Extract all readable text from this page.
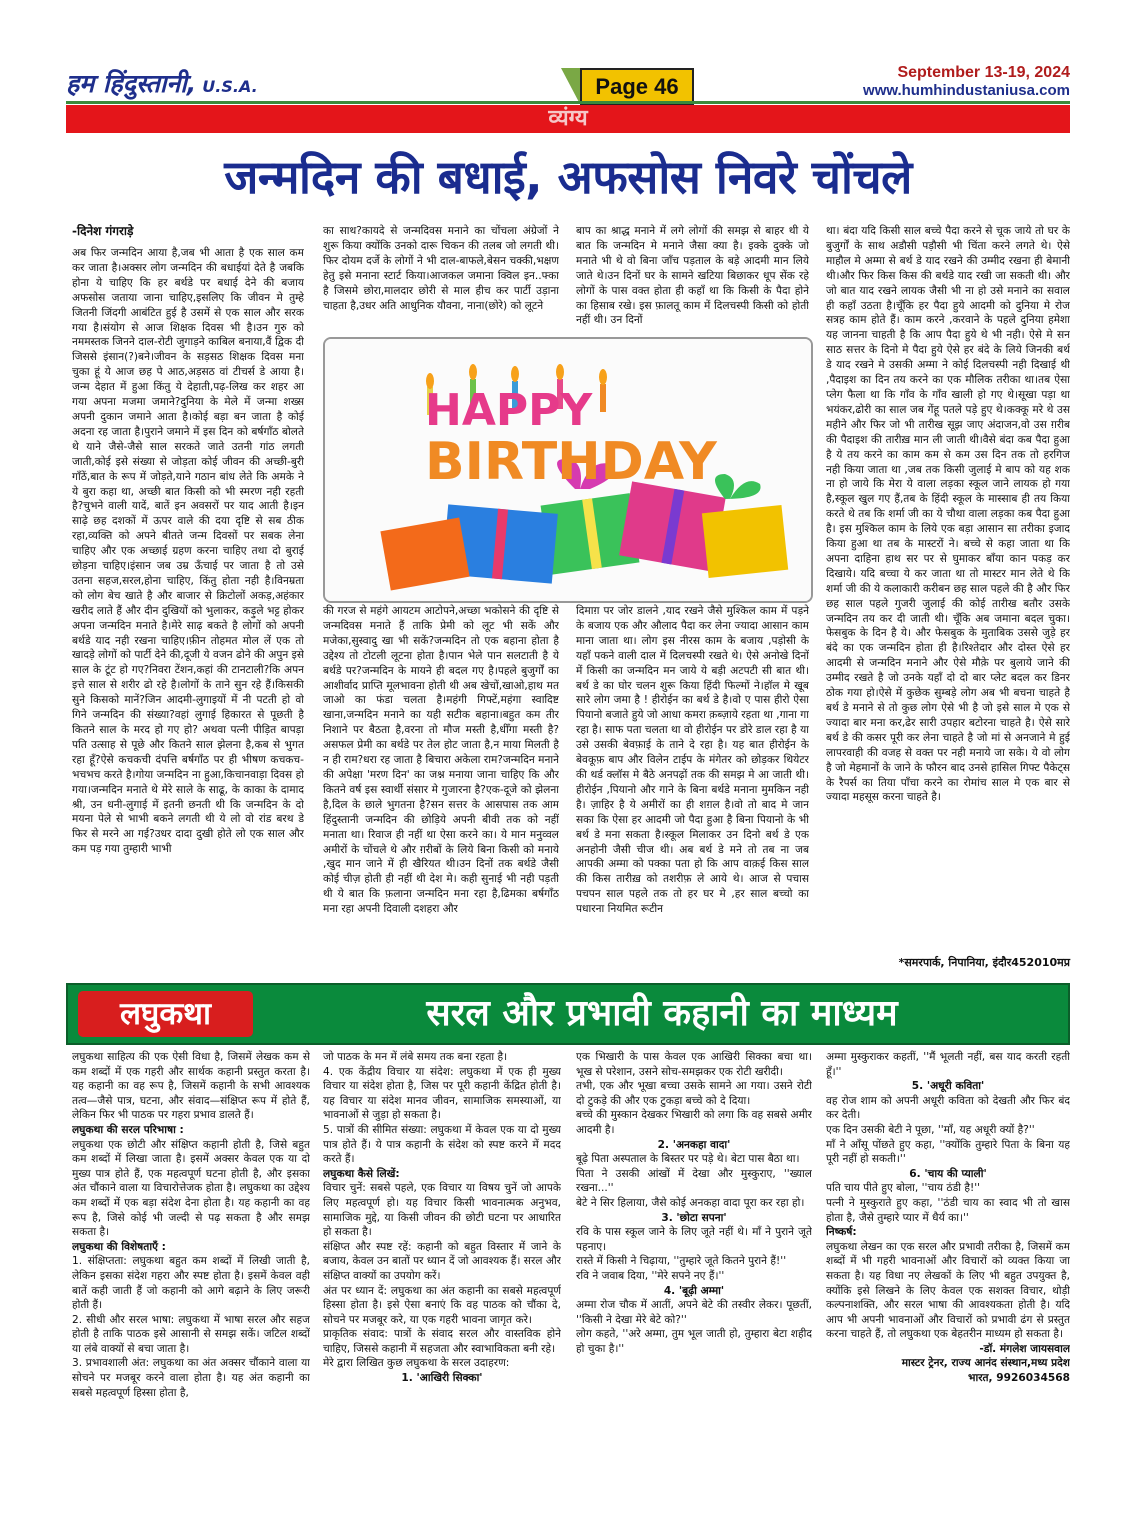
हम हिंदुस्तानी, U.S.A.	Page 46
September 13-19, 2024
www.humhindustaniusa.com
व्यंग्य
जन्मदिन की बधाई, अफसोस निवरे चोंचले
-दिनेश गंगराड़े

अब फिर जन्मदिन आया है,जब भी आता है एक साल कम कर जाता है।अक्सर लोग जन्मदिन की बधाईयां देते है जबकि होना ये चाहिए कि हर बर्थडे पर बधाई देने की बजाय अफसोस जताया जाना चाहिए,इसलिए कि जीवन मे तुम्हे जितनी जिंदगी आबंटित हुई है उसमें से एक साल और सरक गया है।संयोग से आज शिक्षक दिवस भी है।उन गुरु को नममस्तक जिनने दाल-रोटी जुगाड़ने काबिल बनाया,वैं द्विक दी जिससे इंसान(?)बने।जीवन के सड़सठ शिक्षक दिवस मना चुका हूं ये आज छह पे आठ,अड़सठ वां टीचर्स डे आया है।जन्म देहात में हुआ किंतु ये देहाती,पढ़-लिख कर शहर आ गया अपना मजमा जमाने?दुनिया के मेले में जन्मा शख्स अपनी दुकान जमाने आता है।कोई बड़ा बन जाता है कोई अदना रह जाता है।पुराने जमाने में इस दिन को बर्षगाँठ बोलते थे याने जैसे-जैसे साल सरकते जाते उतनी गांठ लगती जाती,कोई इसे संख्या से जोड़ता कोई जीवन की अच्छी-बुरी गाँठें,बात के रूप में जोड़ते,याने गठान बांध लेते कि अमके ने ये बुरा कहा था, अच्छी बात किसी को भी स्मरण नही रहती है?चुभने वाली यादें, बातें इन अवसरों पर याद आती है।इन साढ़े छह दशकों में ऊपर वाले की दया दृष्टि से सब ठीक रहा,व्यक्ति को अपने बीतते जन्म दिवसों पर सबक लेना चाहिए और एक अच्छाई ग्रहण करना चाहिए तथा दो बुराई छोड़ना चाहिए।इंसान जब उम्र ऊँचाई पर जाता है तो उसे उतना सहज,सरल,होना चाहिए, किंतु होता नही है।विनम्रता को लोग बेच खाते है और बाजार से क्रिटोलों अकड़,अहंकार खरीद लाते हैं और दीन दुखियों को भुलाकर, कड़ुले भट्ट होकर अपना जन्मदिन मनाते है।मेरे साढ़ बकते है लोगों को अपनी बर्थडे याद नही रखना चाहिए।फ़ीन तोहमत मोल लें एक तो खादड़े लोगों को पार्टी देने की,दूजी ये वजन ढोने की अपुन इसे साल के टूंट हो गए?निवरा टेंशन,कहां की टानटाली?कि अपन इत्ते साल से शरीर ढो रहे है।लोगों के ताने सुन रहे हैं।किसकी सुने किसको मानें?जिन आदमी-लुगाइयों में नी पटती हो वो गिने जन्मदिन की संख्या?वहां लुगाई हिकारत से पूछती है कितने साल के मरद हो गए हो? अथवा पत्नी पीड़ित बापड़ा पति उत्साह से पूछे और कितने साल झेलना है,कब से भुगत रहा हूँ?ऐसे कचकची दंपत्ति बर्षगाँठ पर ही भीषण कचकच-भचभच करते है।गोया जन्मदिन ना हुआ,किचानवाड़ा दिवस हो गया।जन्मदिन मनाते थे मेरे साले के साढू, के काका के दामाद श्री, उन धनी-लुगाई में इतनी छनती थी कि जन्मदिन के दो मयना पेले से भाभी बकने लगती थी ये लो वो रांड बरथ डे फिर से मरने आ गई?उधर दादा दुखी होते लो एक साल और कम पड़ गया तुम्हारी भाभी

का साथ?कायदे से जन्मदिवस मनाने का चोंचला अंग्रेजों ने शुरू किया क्योंकि उनको दारू चिकन की तलब जो लगती थी।फिर दोयम दर्जे के लोगों ने भी दाल-बाफले,बेसन चक्की,भक्षण हेतु इसे मनाना स्टार्ट किया।आजकल जमाना क्विल इन..फ्का है जिसमे छोरा,मालदार छोरी से माल हीच कर पार्टी उड़ाना चाहता है,उधर अति आधुनिक यौवना, नाना(छोरे) को लूटने

बाप का श्राद्ध मनाने में लगे लोगों की समझ से बाहर थी ये बात कि जन्मदिन मे मनाने जैसा क्या है। इक्के दुक्के जो मनाते भी थे वो बिना जाँच पड़ताल के बड़े आदमी मान लिये जाते थे।उन दिनों घर के सामने खटिया बिछाकर धूप सेंक रहे लोगों के पास वक्त होता ही कहाँ था कि किसी के पैदा होने का हिसाब रखे। इस फ़ालतू काम में दिलचस्पी किसी को होती नहीं थी। उन दिनों

HAPPY
BIRTHDAY

की गरज से महंगे आयटम आटोपने,अच्छा भकोसने की दृष्टि से जन्मदिवस मनाते हैं ताकि प्रेमी को लूट भी सकें और मजेका,सुस्वादु खा भी सकें?जन्मदिन तो एक बहाना होता है उद्देश्य तो टोटली लूटना होता है।पान भेले पान सलटाती है ये बर्थडे पर?जन्मदिन के मायने ही बदल गए है।पहले बुजुर्गों का आशीर्वाद प्राप्ति मूलभावना होती थी अब खेचों,खाओ,हाथ मत जाओ का फंडा चलता है।महंगी गिफ्टें,महंगा स्वादिष्ट खाना,जन्मदिन मनाने का यही सटीक बहाना।बहुत कम तीर निशाने पर बैठता है,वरना तो मौज मस्ती है,धीँगा मस्ती है?असफल प्रेमी का बर्थडे पर तेल होट जाता है,न माया मिलती है न ही राम?धरा रह जाता है बिचारा अकेला राम?जन्मदिन मनाने की अपेक्षा 'मरण दिन' का जश्न मनाया जाना चाहिए कि और कितने वर्ष इस स्वार्थी संसार मे गुजारना है?एक-दूजे को झेलना है,दिल के छाले भुगतना है?सन सत्तर के आसपास तक आम हिंदुस्तानी जन्मदिन की छोड़िये अपनी बीवी तक को नहीं मनाता था। रिवाज ही नहीं था ऐसा करने का। ये मान मनुव्वल अमीरों के चोंचले थे और ग़रीबों के लिये बिना किसी को मनाये ,खुद मान जाने में ही खैरियत थी।उन दिनों तक बर्थडे जैसी कोई चीज़ होती ही नहीं थी देश मे। कही सुनाई भी नही पड़ती थी ये बात कि फ़लाना जन्मदिन मना रहा है,ढिमका बर्षगाँठ मना रहा अपनी दिवाली दशहरा और

दिमाग़ पर जोर डालने ,याद रखने जैसे मुश्किल काम में पड़ने के बजाय एक और औलाद पैदा कर लेना ज्यादा आसान काम माना जाता था। लोग इस नीरस काम के बजाय ,पड़ोसी के यहाँ पकने वाली दाल में दिलचस्पी रखते थे। ऐसे अनोखे दिनों में किसी का जन्मदिन मन जाये ये बड़ी अटपटी सी बात थी।बर्थ डे का घोर चलन शुरू किया हिंदी फिल्मों ने।हॉल मे खूब सारे लोग जमा है ! हीरोईन का बर्थ डे है।वो ए पास हीरो ऐसा पियानो बजाते हुये जो आधा कमरा क़ब्ज़ाये रहता था ,गाना गा रहा है। साफ पता चलता था वो हीरोईन पर डोरे डाल रहा है या उसे उसकी बेवफ़ाई के ताने दे रहा है। यह बात हीरोईन के बेवकूफ़ बाप और विलेन टाईप के मंगेतर को छोड़कर थियेटर की थर्ड क्लॉस मे बैठे अनपढ़ों तक की समझ मे आ जाती थी। हीरोईन ,पियानो और गाने के बिना बर्थडे मनाना मुमकिन नही है। ज़ाहिर है ये अमीरों का ही शग़ल है।वो तो बाद मे जान सका कि ऐसा हर आदमी जो पैदा हुआ है बिना पियानो के भी बर्थ डे मना सकता है।स्कूल मिलाकर उन दिनो बर्थ डे एक अनहोनी जैसी चीज थी। अब बर्थ डे मने तो तब ना जब आपकी अम्मा को पक्का पता हो कि आप वाक़ई किस साल की किस तारीख़ को तशरीफ़ ले आये थे। आज से पचास पचपन साल पहले तक तो हर घर मे ,हर साल बच्चो का पधारना नियमित रूटीन

था। बंदा यदि किसी साल बच्चे पैदा करने से चूक जाये तो घर के बुजुर्गों के साथ अडौसी पड़ौसी भी चिंता करने लगते थे। ऐसे माहौल मे अम्मा से बर्थ डे याद रखने की उम्मीद रखना ही बेमानी थी।और फिर किस किस की बर्थडे याद रखी जा सकती थी। और जो बात याद रखने लायक जैसी भी ना हो उसे मनाने का सवाल ही कहाँ उठता है।चूँकि हर पैदा हुये आदमी को दुनिया मे रोज सत्रह काम होते हैं। काम करने ,करवाने के पहले दुनिया हमेशा यह जानना चाहती है कि आप पैदा हुये थे भी नही। ऐसे मे सन साठ सत्तर के दिनो मे पैदा हुये ऐसे हर बंदे के लिये जिनकी बर्थ डे याद रखने मे उसकी अम्मा ने कोई दिलचस्पी नही दिखाई थी ,पैदाइश का दिन तय करने का एक मौलिक तरीका था।तब ऐसा प्लेग फैला था कि गाँव के गाँव खाली हो गए थे।सूखा पड़ा था भयंकर,ढोरी का साल जब गेंहू पतले पड़े हुए थे।कक्कू मरे थे उस महीने और फिर जो भी तारीख सूझ जाए अंदाजन,वो उस ग़रीब की पैदाइश की तारीख़ मान ली जाती थी।वैसे बंदा कब पैदा हुआ है ये तय करने का काम कम से कम उस दिन तक तो हरगिज नही किया जाता था ,जब तक किसी जुलाई मे बाप को यह शक ना हो जाये कि मेरा ये वाला लड़का स्कूल जाने लायक हो गया है,स्कूल खुल गए हैं,तब के हिंदी स्कूल के मास्साब ही तय किया करते थे तब कि शर्मा जी का ये चौथा वाला लड़का कब पैदा हुआ है। इस मुश्किल काम के लिये एक बड़ा आसान सा तरीका इजाद किया हुआ था तब के मास्टरों ने। बच्चे से कहा जाता था कि अपना दाहिना हाथ सर पर से घुमाकर बाँया कान पकड़ कर दिखाये। यदि बच्चा ये कर जाता था तो मास्टर मान लेते थे कि शर्मा जी की ये कलाकारी करीबन छह साल पहले की है और फिर छह साल पहले गुजरी जुलाई की कोई तारीख बतौर उसके जन्मदिन तय कर दी जाती थी। चूँकि अब जमाना बदल चुका। फेसबुक के दिन है ये। और फेसबुक के मुताबिक उससे जुड़े हर बंदे का एक जन्मदिन होता ही है।रिश्तेदार और दोस्त ऐसे हर आदमी से जन्मदिन मनाने और ऐसे मौक़े पर बुलाये जाने की उम्मीद रखते है जो उनके यहाँ दो दो बार प्लेट बदल कर डिनर ठोक गया हो।ऐसे में कुछेक सुम्बड़े लोग अब भी बचना चाहते है बर्थ डे मनाने से तो कुछ लोग ऐसे भी है जो इसे साल मे एक से ज्यादा बार मना कर,ढेर सारी उपहार बटोरना चाहते है। ऐसे सारे बर्थ डे की कसर पूरी कर लेना चाहते है जो मां से अनजाने मे हुई लापरवाही की वजह से वक्त पर नही मनाये जा सके। ये वो लोग है जो मेहमानों के जाने के फौरन बाद उनसे हासिल गिफ्ट पैकेट्स के रैपर्स का तिया पाँचा करने का रोमांच साल मे एक बार से ज्यादा महसूस करना चाहते है।

*समरपार्क, निपानिया, इंदौर452010मप्र
लघुकथा	सरल और प्रभावी कहानी का माध्यम

लघुकथा साहित्य की एक ऐसी विधा है, जिसमें लेखक कम से कम शब्दों में एक गहरी और सार्थक कहानी प्रस्तुत करता है। यह कहानी का वह रूप है, जिसमें कहानी के सभी आवश्यक तत्व—जैसे पात्र, घटना, और संवाद—संक्षिप्त रूप में होते हैं, लेकिन फिर भी पाठक पर गहरा प्रभाव डालते हैं।

लघुकथा की सरल परिभाषा :

लघुकथा एक छोटी और संक्षिप्त कहानी होती है, जिसे बहुत कम शब्दों में लिखा जाता है। इसमें अक्सर केवल एक या दो मुख्य पात्र होते हैं, एक महत्वपूर्ण घटना होती है, और इसका अंत चौंकाने वाला या विचारोत्तेजक होता है। लघुकथा का उद्देश्य कम शब्दों में एक बड़ा संदेश देना होता है। यह कहानी का वह रूप है, जिसे कोई भी जल्दी से पढ़ सकता है और समझ सकता है।

लघुकथा की विशेषताएँ :

1. संक्षिप्तता: लघुकथा बहुत कम शब्दों में लिखी जाती है, लेकिन इसका संदेश गहरा और स्पष्ट होता है। इसमें केवल वही बातें कही जाती हैं जो कहानी को आगे बढ़ाने के लिए जरूरी होती हैं।

2. सीधी और सरल भाषा: लघुकथा में भाषा सरल और सहज होती है ताकि पाठक इसे आसानी से समझ सकें। जटिल शब्दों या लंबे वाक्यों से बचा जाता है।

3. प्रभावशाली अंत: लघुकथा का अंत अक्सर चौंकाने वाला या सोचने पर मजबूर करने वाला होता है। यह अंत कहानी का सबसे महत्वपूर्ण हिस्सा होता है,

जो पाठक के मन में लंबे समय तक बना रहता है।

4. एक केंद्रीय विचार या संदेश: लघुकथा में एक ही मुख्य विचार या संदेश होता है, जिस पर पूरी कहानी केंद्रित होती है। यह विचार या संदेश मानव जीवन, सामाजिक समस्याओं, या भावनाओं से जुड़ा हो सकता है।

5. पात्रों की सीमित संख्या: लघुकथा में केवल एक या दो मुख्य पात्र होते हैं। ये पात्र कहानी के संदेश को स्पष्ट करने में मदद करते हैं।

लघुकथा कैसे लिखें:

विचार चुनें: सबसे पहले, एक विचार या विषय चुनें जो आपके लिए महत्वपूर्ण हो। यह विचार किसी भावनात्मक अनुभव, सामाजिक मुद्दे, या किसी जीवन की छोटी घटना पर आधारित हो सकता है।

संक्षिप्त और स्पष्ट रहें: कहानी को बहुत विस्तार में जाने के बजाय, केवल उन बातों पर ध्यान दें जो आवश्यक हैं। सरल और संक्षिप्त वाक्यों का उपयोग करें।

अंत पर ध्यान दें: लघुकथा का अंत कहानी का सबसे महत्वपूर्ण हिस्सा होता है। इसे ऐसा बनाएं कि वह पाठक को चौंका दे, सोचने पर मजबूर करे, या एक गहरी भावना जागृत करे।

प्राकृतिक संवाद: पात्रों के संवाद सरल और वास्तविक होने चाहिए, जिससे कहानी में सहजता और स्वाभाविकता बनी रहे।

मेरे द्वारा लिखित कुछ लघुकथा के सरल उदाहरण:

1. 'आखिरी सिक्का'

एक भिखारी के पास केवल एक आखिरी सिक्का बचा था। भूख से परेशान, उसने सोच-समझकर एक रोटी खरीदी।

तभी, एक और भूखा बच्चा उसके सामने आ गया। उसने रोटी दो टुकड़े की और एक टुकड़ा बच्चे को दे दिया।

बच्चे की मुस्कान देखकर भिखारी को लगा कि वह सबसे अमीर आदमी है।

2. 'अनकहा वादा'

बूढ़े पिता अस्पताल के बिस्तर पर पड़े थे। बेटा पास बैठा था।

पिता ने उसकी आंखों में देखा और मुस्कुराए, ''ख्याल रखना...''

बेटे ने सिर हिलाया, जैसे कोई अनकहा वादा पूरा कर रहा हो।

3. 'छोटा सपना'

रवि के पास स्कूल जाने के लिए जूते नहीं थे। माँ ने पुराने जूते पहनाए।

रास्ते में किसी ने चिढ़ाया, ''तुम्हारे जूते कितने पुराने हैं!''

रवि ने जवाब दिया, ''मेरे सपने नए हैं।''

4. 'बूढ़ी अम्मा'

अम्मा रोज चौक में आतीं, अपने बेटे की तस्वीर लेकर। पूछतीं, ''किसी ने देखा मेरे बेटे को?''

लोग कहते, ''अरे अम्मा, तुम भूल जाती हो, तुम्हारा बेटा शहीद हो चुका है।''

अम्मा मुस्कुराकर कहतीं, ''मैं भूलती नहीं, बस याद करती रहती हूँ।''

5. 'अधूरी कविता'

वह रोज शाम को अपनी अधूरी कविता को देखती और फिर बंद कर देती।

एक दिन उसकी बेटी ने पूछा, ''माँ, यह अधूरी क्यों है?''

माँ ने आँसू पोंछते हुए कहा, ''क्योंकि तुम्हारे पिता के बिना यह पूरी नहीं हो सकती।''

6. 'चाय की प्याली'

पति चाय पीते हुए बोला, ''चाय ठंडी है!''

पत्नी ने मुस्कुराते हुए कहा, ''ठंडी चाय का स्वाद भी तो खास होता है, जैसे तुम्हारे प्यार में धैर्य का।''

निष्कर्ष:

लघुकथा लेखन का एक सरल और प्रभावी तरीका है, जिसमें कम शब्दों में भी गहरी भावनाओं और विचारों को व्यक्त किया जा सकता है। यह विधा नए लेखकों के लिए भी बहुत उपयुक्त है, क्योंकि इसे लिखने के लिए केवल एक सशक्त विचार, थोड़ी कल्पनाशक्ति, और सरल भाषा की आवश्यकता होती है। यदि आप भी अपनी भावनाओं और विचारों को प्रभावी ढंग से प्रस्तुत करना चाहते हैं, तो लघुकथा एक बेहतरीन माध्यम हो सकता है।

-डॉ. मंगलेश जायसवाल

मास्टर ट्रेनर, राज्य आनंद संस्थान,मध्य प्रदेश

भारत, 9926034568
